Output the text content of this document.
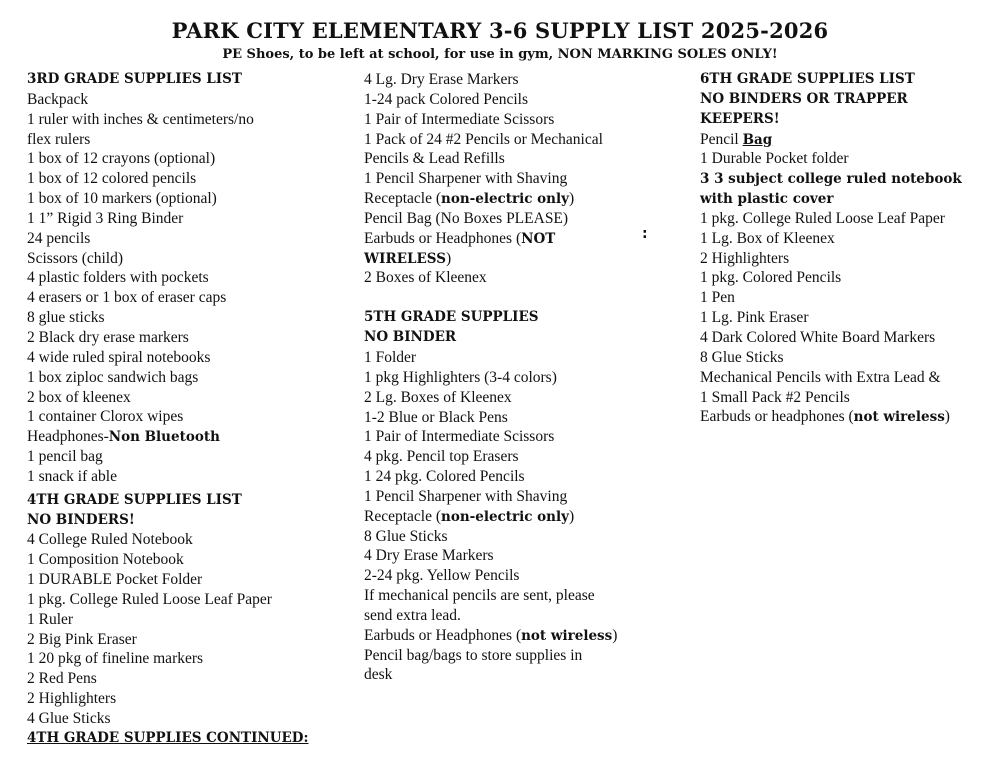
PARK CITY ELEMENTARY 3-6 SUPPLY LIST 2025-2026
PE Shoes, to be left at school, for use in gym, NON MARKING SOLES ONLY!
3RD GRADE SUPPLIES LIST
Backpack
1 ruler with inches & centimeters/no
flex rulers
1 box of 12 crayons (optional)
1 box of 12 colored pencils
1 box of 10 markers (optional)
1 1” Rigid 3 Ring Binder
24 pencils
Scissors (child)
4 plastic folders with pockets
4 erasers or 1 box of eraser caps
8 glue sticks
2 Black dry erase markers
4 wide ruled spiral notebooks
1 box ziploc sandwich bags
2 box of kleenex
1 container Clorox wipes
Headphones-Non Bluetooth
1 pencil bag
1 snack if able
4TH GRADE SUPPLIES LIST
NO BINDERS!
4 College Ruled Notebook
1 Composition Notebook
1 DURABLE Pocket Folder
1 pkg. College Ruled Loose Leaf Paper
1 Ruler
2 Big Pink Eraser
1 20 pkg of fineline markers
2 Red Pens
2 Highlighters
4 Glue Sticks
4TH GRADE SUPPLIES CONTINUED:
4 Lg. Dry Erase Markers
1-24 pack Colored Pencils
1 Pair of Intermediate Scissors
1 Pack of 24 #2 Pencils or Mechanical
Pencils & Lead Refills
1 Pencil Sharpener with Shaving
Receptacle (non-electric only)
Pencil Bag (No Boxes PLEASE)
Earbuds or Headphones (NOT
WIRELESS)
2 Boxes of Kleenex
5TH GRADE SUPPLIES
NO BINDER
1 Folder
1 pkg Highlighters (3-4 colors)
2 Lg. Boxes of Kleenex
1-2 Blue or Black Pens
1 Pair of Intermediate Scissors
4 pkg. Pencil top Erasers
1 24 pkg. Colored Pencils
1 Pencil Sharpener with Shaving
Receptacle (non-electric only)
8 Glue Sticks
4 Dry Erase Markers
2-24 pkg. Yellow Pencils
If mechanical pencils are sent, please
send extra lead.
Earbuds or Headphones (not wireless)
Pencil bag/bags to store supplies in
desk
:
6TH GRADE SUPPLIES LIST
NO BINDERS OR TRAPPER
KEEPERS!
Pencil Bag
1 Durable Pocket folder
3 3 subject college ruled notebook
with plastic cover
1 pkg. College Ruled Loose Leaf Paper
1 Lg. Box of Kleenex
2 Highlighters
1 pkg. Colored Pencils
1 Pen
1 Lg. Pink Eraser
4 Dark Colored White Board Markers
8 Glue Sticks
Mechanical Pencils with Extra Lead &
1 Small Pack #2 Pencils
Earbuds or headphones (not wireless)
